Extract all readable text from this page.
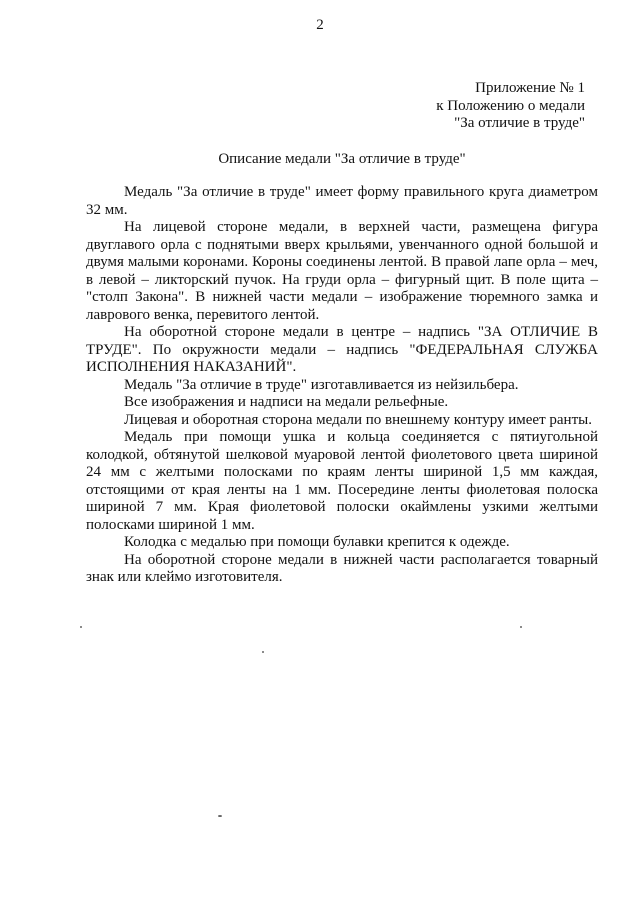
2
Приложение № 1
к Положению о медали
"За отличие в труде"
Описание медали "За отличие в труде"

Медаль "За отличие в труде" имеет форму правильного круга диаметром 32 мм.

На лицевой стороне медали, в верхней части, размещена фигура двуглавого орла с поднятыми вверх крыльями, увенчанного одной большой и двумя малыми коронами. Короны соединены лентой. В правой лапе орла – меч, в левой – ликторский пучок. На груди орла – фигурный щит. В поле щита – "столп Закона". В нижней части медали – изображение тюремного замка и лаврового венка, перевитого лентой.

На оборотной стороне медали в центре – надпись "ЗА ОТЛИЧИЕ В ТРУДЕ". По окружности медали – надпись "ФЕДЕРАЛЬНАЯ СЛУЖБА ИСПОЛНЕНИЯ НАКАЗАНИЙ".

Медаль "За отличие в труде" изготавливается из нейзильбера.

Все изображения и надписи на медали рельефные.

Лицевая и оборотная сторона медали по внешнему контуру имеет ранты.

Медаль при помощи ушка и кольца соединяется с пятиугольной колодкой, обтянутой шелковой муаровой лентой фиолетового цвета шириной 24 мм с желтыми полосками по краям ленты шириной 1,5 мм каждая, отстоящими от края ленты на 1 мм. Посередине ленты фиолетовая полоска шириной 7 мм. Края фиолетовой полоски окаймлены узкими желтыми полосками шириной 1 мм.

Колодка с медалью при помощи булавки крепится к одежде.

На оборотной стороне медали в нижней части располагается товарный знак или клеймо изготовителя.
